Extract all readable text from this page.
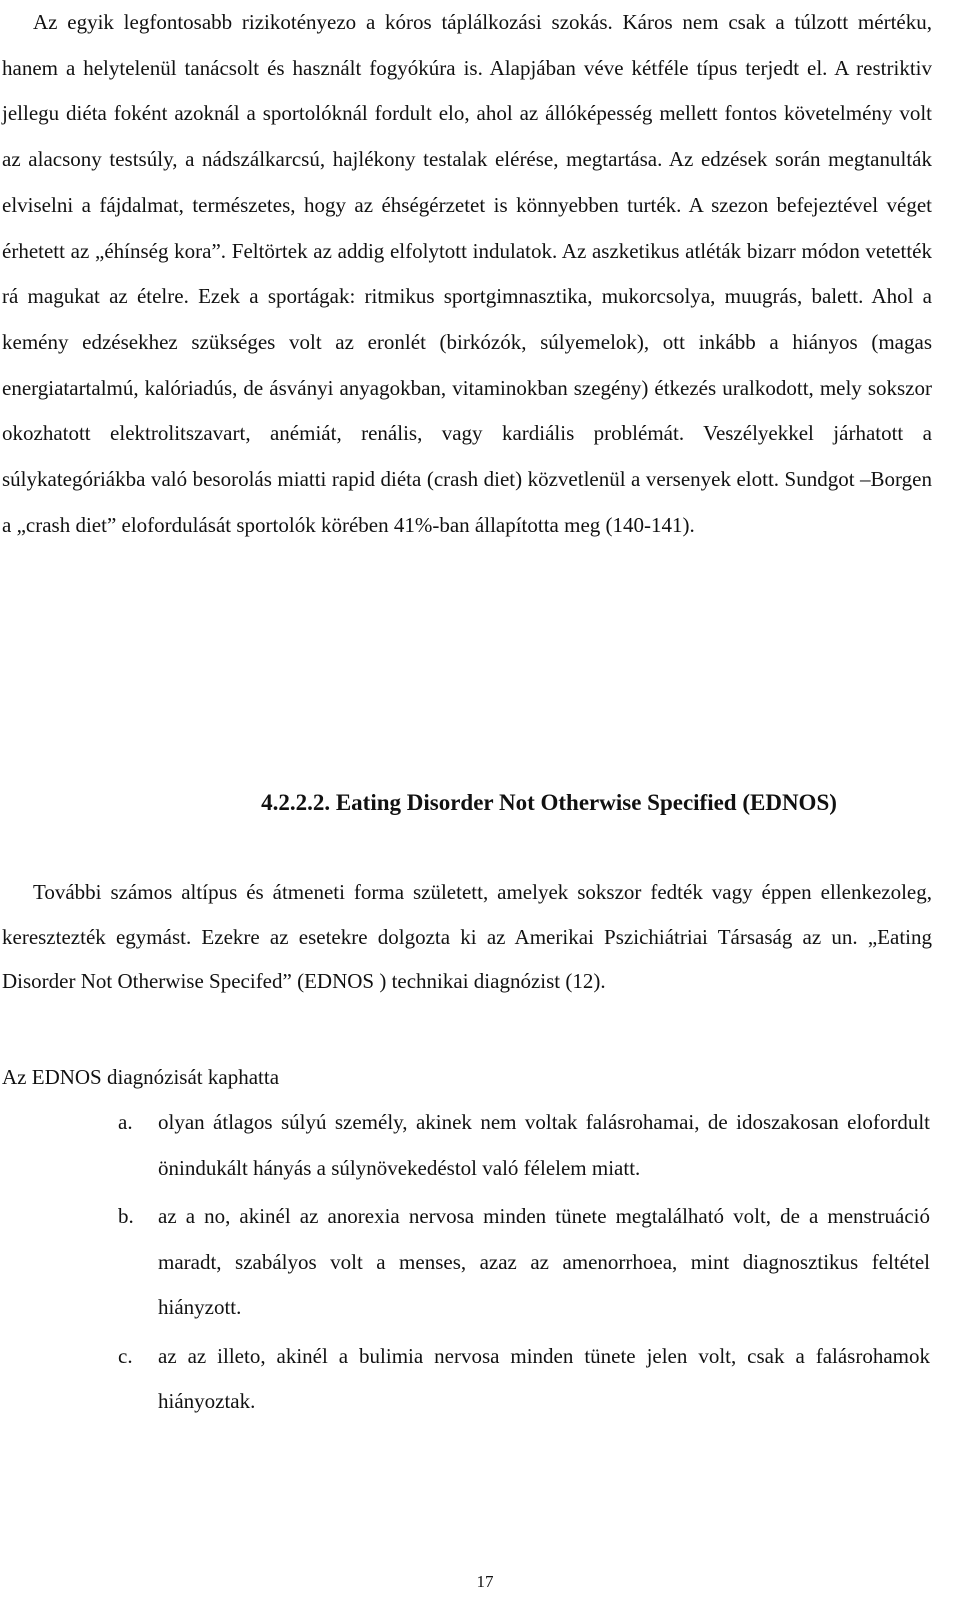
Az egyik legfontosabb rizikotényezo a kóros táplálkozási szokás. Káros nem csak a túlzott mértéku, hanem a helytelenül tanácsolt és használt fogyókúra is. Alapjában véve kétféle típus terjedt el. A restriktiv jellegu diéta foként azoknál a sportolóknál fordult elo, ahol az állóképesség mellett fontos követelmény volt az alacsony testsúly, a nádszálkarcsú, hajlékony testalak elérése, megtartása. Az edzések során megtanulták elviselni a fájdalmat, természetes, hogy az éhségérzetet is könnyebben turték. A szezon befejeztével véget érhetett az „éhínség kora”. Feltörtek az addig elfolytott indulatok. Az aszketikus atléták bizarr módon vetették rá magukat az ételre. Ezek a sportágak: ritmikus sportgimnasztika, mukorcsolya, muugrás, balett. Ahol a kemény edzésekhez szükséges volt az eronlét (birkózók, súlyemelok), ott inkább a hiányos (magas energiatartalmú, kalóriadús, de ásványi anyagokban, vitaminokban szegény) étkezés uralkodott, mely sokszor okozhatott elektrolitszavart, anémiát, renális, vagy kardiális problémát. Veszélyekkel járhatott a súlykategóriákba való besorolás miatti rapid diéta (crash diet) közvetlenül a versenyek elott. Sundgot –Borgen a „crash diet” elofordulását sportolók körében 41%-ban állapította meg (140-141).

4.2.2.2. Eating Disorder Not Otherwise Specified (EDNOS)

További számos altípus és átmeneti forma született, amelyek sokszor fedték vagy éppen ellenkezoleg, keresztezték egymást. Ezekre az esetekre dolgozta ki az Amerikai Pszichiátriai Társaság az un. „Eating Disorder Not Otherwise Specifed” (EDNOS ) technikai diagnózist (12).

Az EDNOS diagnózisát kaphatta

a. olyan átlagos súlyú személy, akinek nem voltak falásrohamai, de idoszakosan elofordult önindukált hányás a súlynövekedéstol való félelem miatt.
b. az a no, akinél az anorexia nervosa minden tünete megtalálható volt, de a menstruáció maradt, szabályos volt a menses, azaz az amenorrhoea, mint diagnosztikus feltétel hiányzott.
c. az az illeto, akinél a bulimia nervosa minden tünete jelen volt, csak a falásrohamok hiányoztak.
17
